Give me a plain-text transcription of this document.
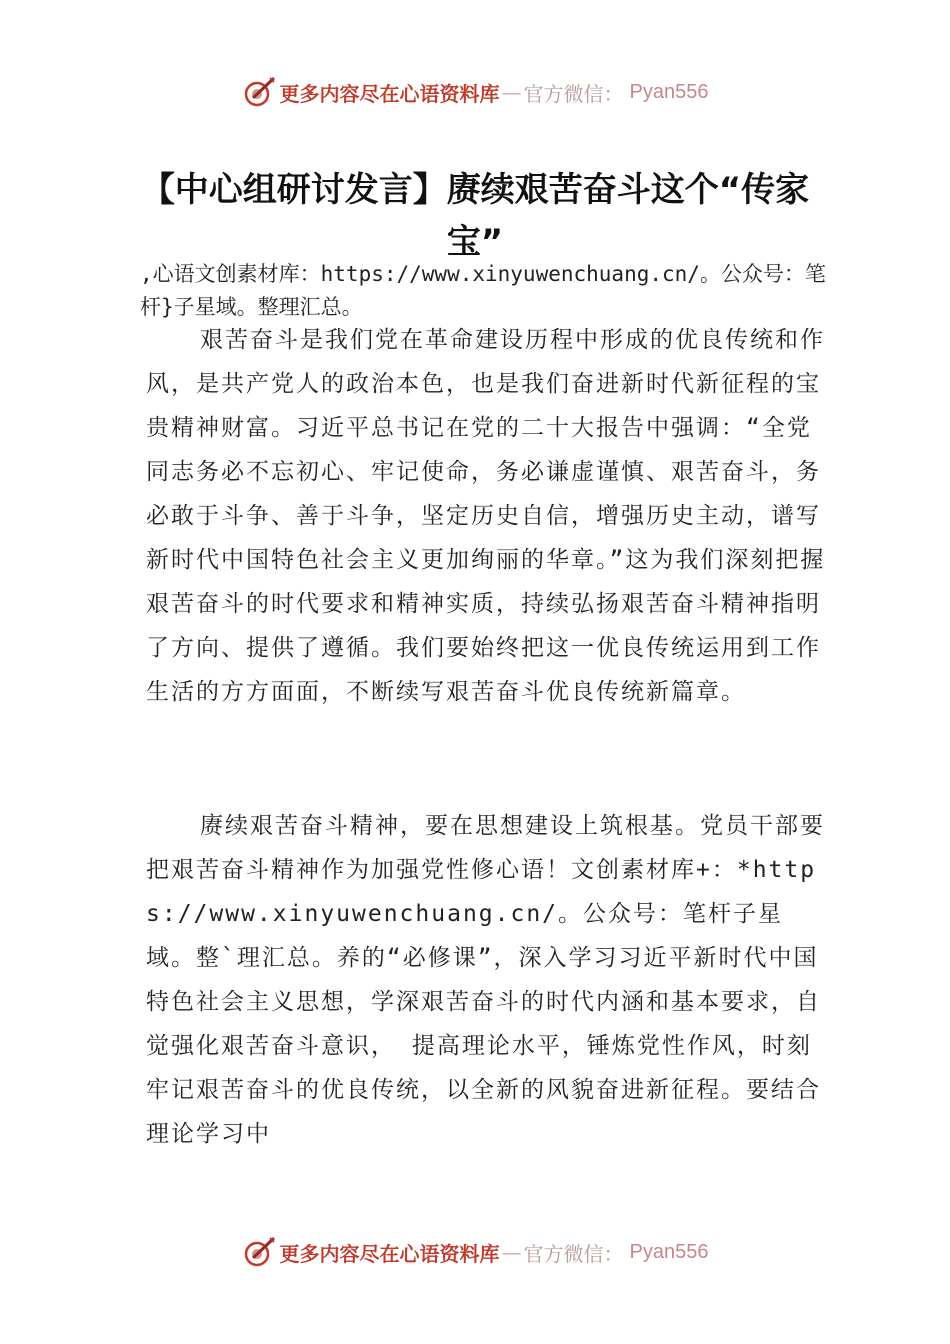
更多内容尽在心语资料库 — 官方微信： Pyan556
【中心组研讨发言】赓续艰苦奋斗这个“传家宝”
,心语文创素材库：https://www.xinyuwenchuang.cn/。公众号：笔杆}子星域。整理汇总。
艰苦奋斗是我们党在革命建设历程中形成的优良传统和作风，是共产党人的政治本色，也是我们奋进新时代新征程的宝贵精神财富。习近平总书记在党的二十大报告中强调：“全党同志务必不忘初心、牢记使命，务必谦虚谨慎、艰苦奋斗，务必敢于斗争、善于斗争，坚定历史自信，增强历史主动，谱写新时代中国特色社会主义更加绚丽的华章。”这为我们深刻把握艰苦奋斗的时代要求和精神实质，持续弘扬艰苦奋斗精神指明了方向、提供了遵循。我们要始终把这一优良传统运用到工作生活的方方面面，不断续写艰苦奋斗优良传统新篇章。
赓续艰苦奋斗精神，要在思想建设上筑根基。党员干部要把艰苦奋斗精神作为加强党性修心语！文创素材库+：*https://www.xinyuwenchuang.cn/。公众号：笔杆子星域。整`理汇总。养的“必修课”，深入学习习近平新时代中国特色社会主义思想，学深艰苦奋斗的时代内涵和基本要求，自觉强化艰苦奋斗意识， 提高理论水平，锤炼党性作风，时刻牢记艰苦奋斗的优良传统，以全新的风貌奋进新征程。要结合理论学习中
更多内容尽在心语资料库 — 官方微信： Pyan556
